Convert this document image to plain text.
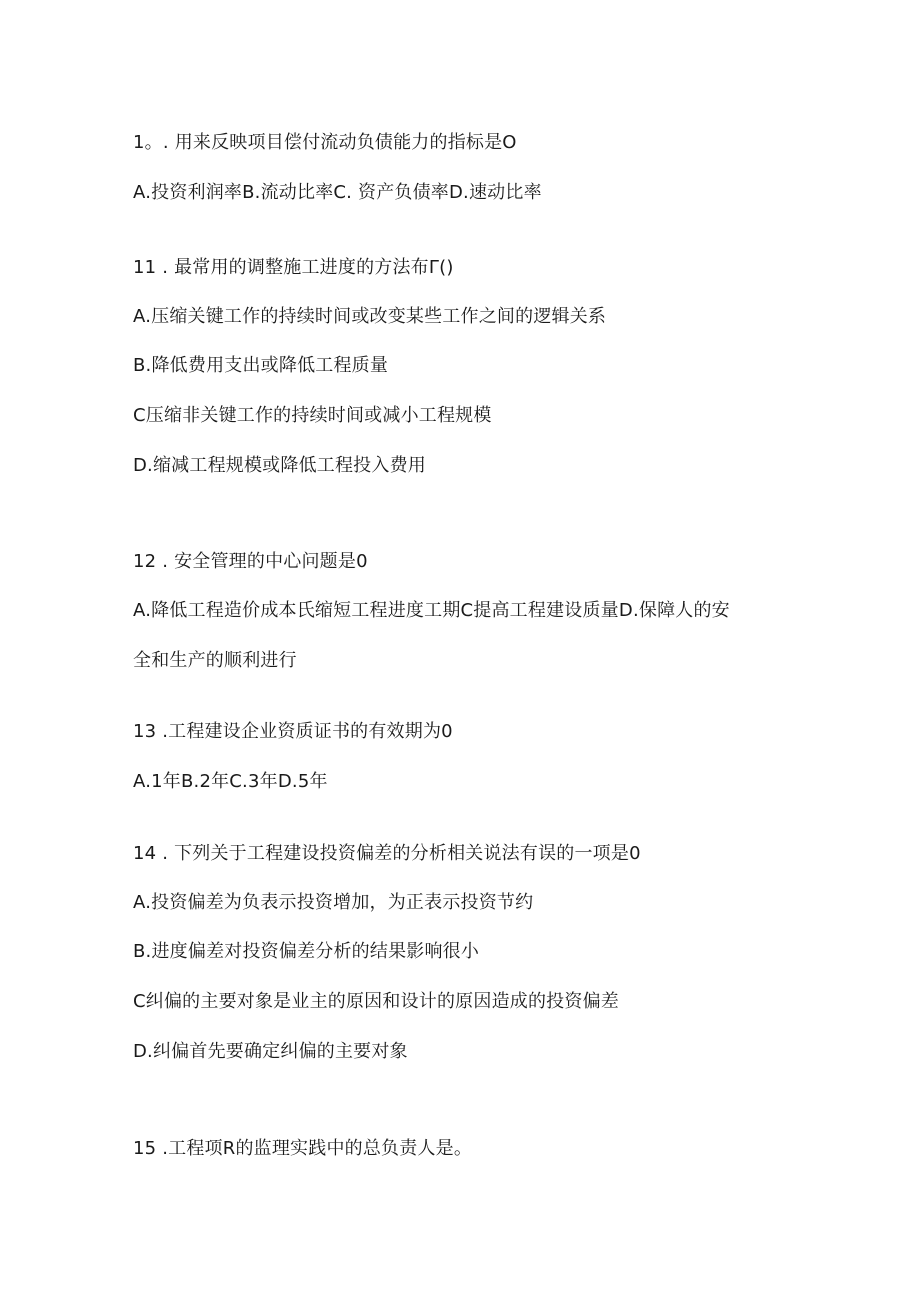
1。. 用来反映项目偿付流动负债能力的指标是O
A.投资利润率B.流动比率C. 资产负债率D.速动比率
11 . 最常用的调整施工进度的方法布Γ()
A.压缩关键工作的持续时间或改变某些工作之间的逻辑关系
B.降低费用支出或降低工程质量
C压缩非关键工作的持续时间或减小工程规模
D.缩减工程规模或降低工程投入费用
12 . 安全管理的中心问题是0
A.降低工程造价成本氏缩短工程进度工期C提高工程建设质量D.保障人的安
全和生产的顺利进行
13 .工程建设企业资质证书的有效期为0
A.1年B.2年C.3年D.5年
14 . 下列关于工程建设投资偏差的分析相关说法有误的一项是0
A.投资偏差为负表示投资增加，为正表示投资节约
B.进度偏差对投资偏差分析的结果影响很小
C纠偏的主要对象是业主的原因和设计的原因造成的投资偏差
D.纠偏首先要确定纠偏的主要对象
15 .工程项R的监理实践中的总负责人是。
